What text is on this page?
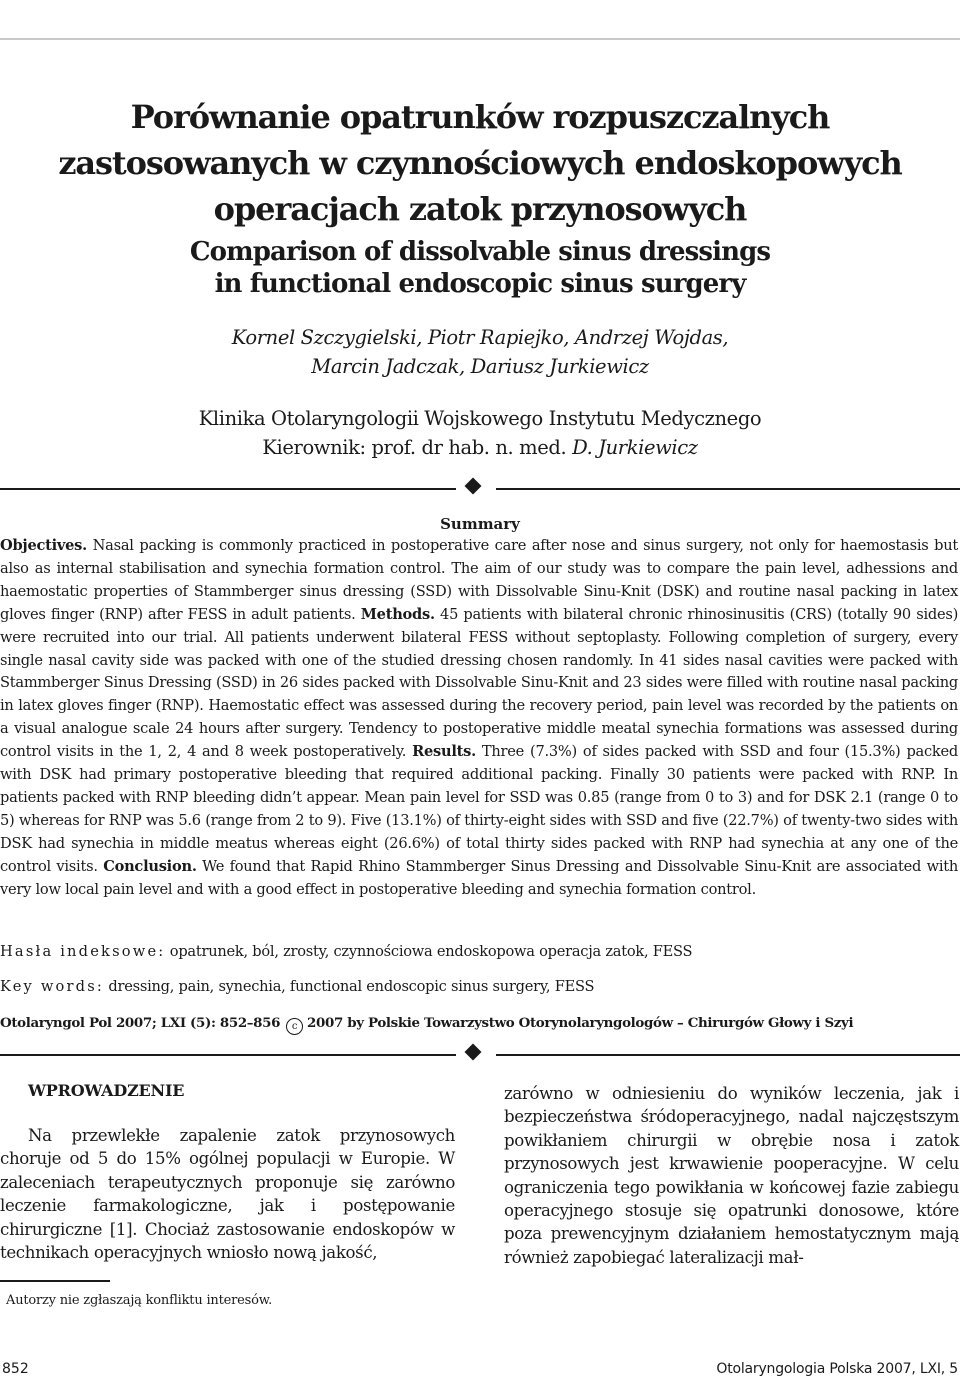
Porównanie opatrunków rozpuszczalnych
zastosowanych w czynnościowych endoskopowych
operacjach zatok przynosowych
Comparison of dissolvable sinus dressings
in functional endoscopic sinus surgery

Kornel Szczygielski, Piotr Rapiejko, Andrzej Wojdas,
Marcin Jadczak, Dariusz Jurkiewicz

Klinika Otolaryngologii Wojskowego Instytutu Medycznego
Kierownik: prof. dr hab. n. med. D. Jurkiewicz

Summary

Objectives. Nasal packing is commonly practiced in postoperative care after nose and sinus surgery, not only for haemostasis but also as internal stabilisation and synechia formation control. The aim of our study was to compare the pain level, adhessions and haemostatic properties of Stammberger sinus dressing (SSD) with Dissolvable Sinu-Knit (DSK) and routine nasal packing in latex gloves finger (RNP) after FESS in adult patients. Methods. 45 patients with bilateral chronic rhinosinusitis (CRS) (totally 90 sides) were recruited into our trial. All patients underwent bilateral FESS without septoplasty. Following completion of surgery, every single nasal cavity side was packed with one of the studied dressing chosen randomly. In 41 sides nasal cavities were packed with Stammberger Sinus Dressing (SSD) in 26 sides packed with Dissolvable Sinu-Knit and 23 sides were filled with routine nasal packing in latex gloves finger (RNP). Haemostatic effect was assessed during the recovery period, pain level was recorded by the patients on a visual analogue scale 24 hours after surgery. Tendency to postoperative middle meatal synechia formations was assessed during control visits in the 1, 2, 4 and 8 week postoperatively. Results. Three (7.3%) of sides packed with SSD and four (15.3%) packed with DSK had primary postoperative bleeding that required additional packing. Finally 30 patients were packed with RNP. In patients packed with RNP bleeding didn’t appear. Mean pain level for SSD was 0.85 (range from 0 to 3) and for DSK 2.1 (range 0 to 5) whereas for RNP was 5.6 (range from 2 to 9). Five (13.1%) of thirty-eight sides with SSD and five (22.7%) of twenty-two sides with DSK had synechia in middle meatus whereas eight (26.6%) of total thirty sides packed with RNP had synechia at any one of the control visits. Conclusion. We found that Rapid Rhino Stammberger Sinus Dressing and Dissolvable Sinu-Knit are associated with very low local pain level and with a good effect in postoperative bleeding and synechia formation control.

Hasła indeksowe: opatrunek, ból, zrosty, czynnościowa endoskopowa operacja zatok, FESS

Key words: dressing, pain, synechia, functional endoscopic sinus surgery, FESS

Otolaryngol Pol 2007; LXI (5): 852–856 c 2007 by Polskie Towarzystwo Otorynolaryngologów – Chirurgów Głowy i Szyi

WPROWADZENIE

Na przewlekłe zapalenie zatok przynosowych choruje od 5 do 15% ogólnej populacji w Europie. W zaleceniach terapeutycznych proponuje się zarówno leczenie farmakologiczne, jak i postępowanie chirurgiczne [1]. Chociaż zastosowanie endoskopów w technikach operacyjnych wniosło nową jakość,

zarówno w odniesieniu do wyników leczenia, jak i bezpieczeństwa śródoperacyjnego, nadal najczęstszym powikłaniem chirurgii w obrębie nosa i zatok przynosowych jest krwawienie pooperacyjne. W celu ograniczenia tego powikłania w końcowej fazie zabiegu operacyjnego stosuje się opatrunki donosowe, które poza prewencyjnym działaniem hemostatycznym mają również zapobiegać lateralizacji mał-

Autorzy nie zgłaszają konfliktu interesów.

852	Otolaryngologia Polska 2007, LXI, 5
